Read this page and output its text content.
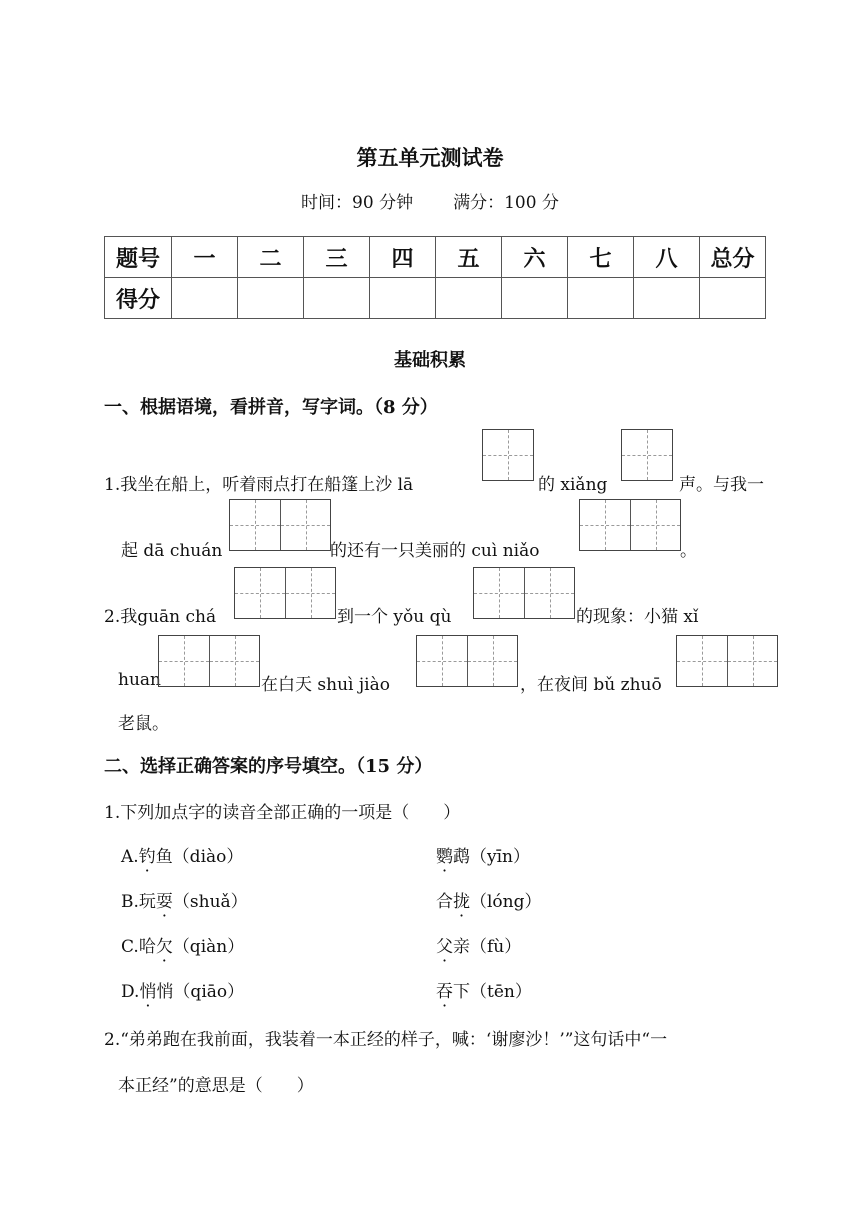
第五单元测试卷
时间：90 分钟 满分：100 分
题号	一	二	三	四	五	六	七	八	总分
得分									
基础积累
一、根据语境，看拼音，写字词。（8 分）
1.我坐在船上，听着雨点打在船篷上沙 lā	的 xiǎng	声。与我一
起 dā chuán	的还有一只美丽的 cuì niǎo	。
2.我guān chá	到一个 yǒu qù	的现象：小猫 xǐ
huan	在白天 shuì jiào	，在夜间 bǔ zhuō
老鼠。
二、选择正确答案的序号填空。（15 分）
1.下列加点字的读音全部正确的一项是（　　）
A.钓鱼（diào）	鹦鹉（yīn）
B.玩耍（shuǎ）	合拢（lóng）
C.哈欠（qiàn）	父亲（fù）
D.悄悄（qiāo）	吞下（tēn）
2.“弟弟跑在我前面，我装着一本正经的样子，喊：‘谢廖沙！’”这句话中“一
本正经”的意思是（　　）
